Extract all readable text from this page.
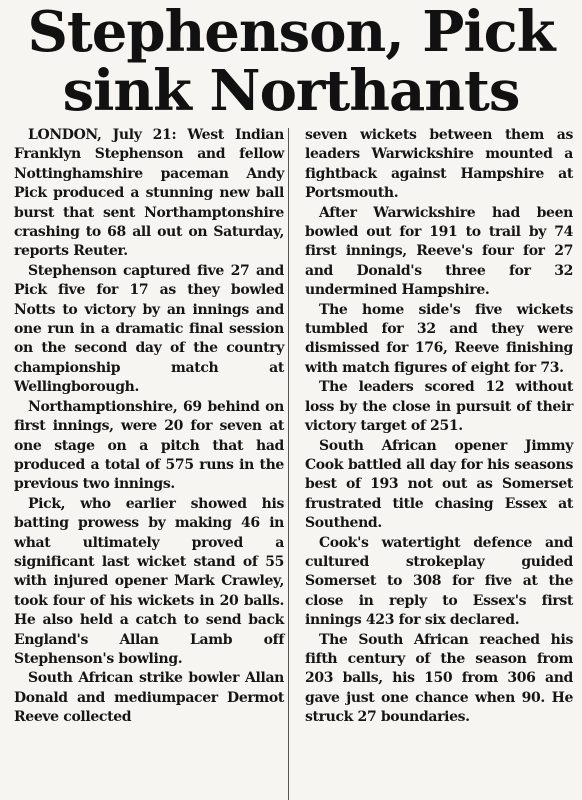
Stephenson, Pick
sink Northants

LONDON, July 21: West Indian Franklyn Stephenson and fellow Nottinghamshire paceman Andy Pick produced a stunning new ball burst that sent Northamptonshire crashing to 68 all out on Saturday, reports Reuter.

Stephenson captured five 27 and Pick five for 17 as they bowled Notts to victory by an innings and one run in a dramatic final session on the second day of the country championship match at Wellingborough.

Northamptionshire, 69 behind on first innings, were 20 for seven at one stage on a pitch that had produced a total of 575 runs in the previous two innings.

Pick, who earlier showed his batting prowess by making 46 in what ultimately proved a significant last wicket stand of 55 with injured opener Mark Crawley, took four of his wickets in 20 balls. He also held a catch to send back England's Allan Lamb off Stephenson's bowling.

South African strike bowler Allan Donald and mediumpacer Dermot Reeve collected

seven wickets between them as leaders Warwickshire mounted a fightback against Hampshire at Portsmouth.

After Warwickshire had been bowled out for 191 to trail by 74 first innings, Reeve's four for 27 and Donald's three for 32 undermined Hampshire.

The home side's five wickets tumbled for 32 and they were dismissed for 176, Reeve finishing with match figures of eight for 73.

The leaders scored 12 without loss by the close in pursuit of their victory target of 251.

South African opener Jimmy Cook battled all day for his seasons best of 193 not out as Somerset frustrated title chasing Essex at Southend.

Cook's watertight defence and cultured strokeplay guided Somerset to 308 for five at the close in reply to Essex's first innings 423 for six declared.

The South African reached his fifth century of the season from 203 balls, his 150 from 306 and gave just one chance when 90. He struck 27 boundaries.
